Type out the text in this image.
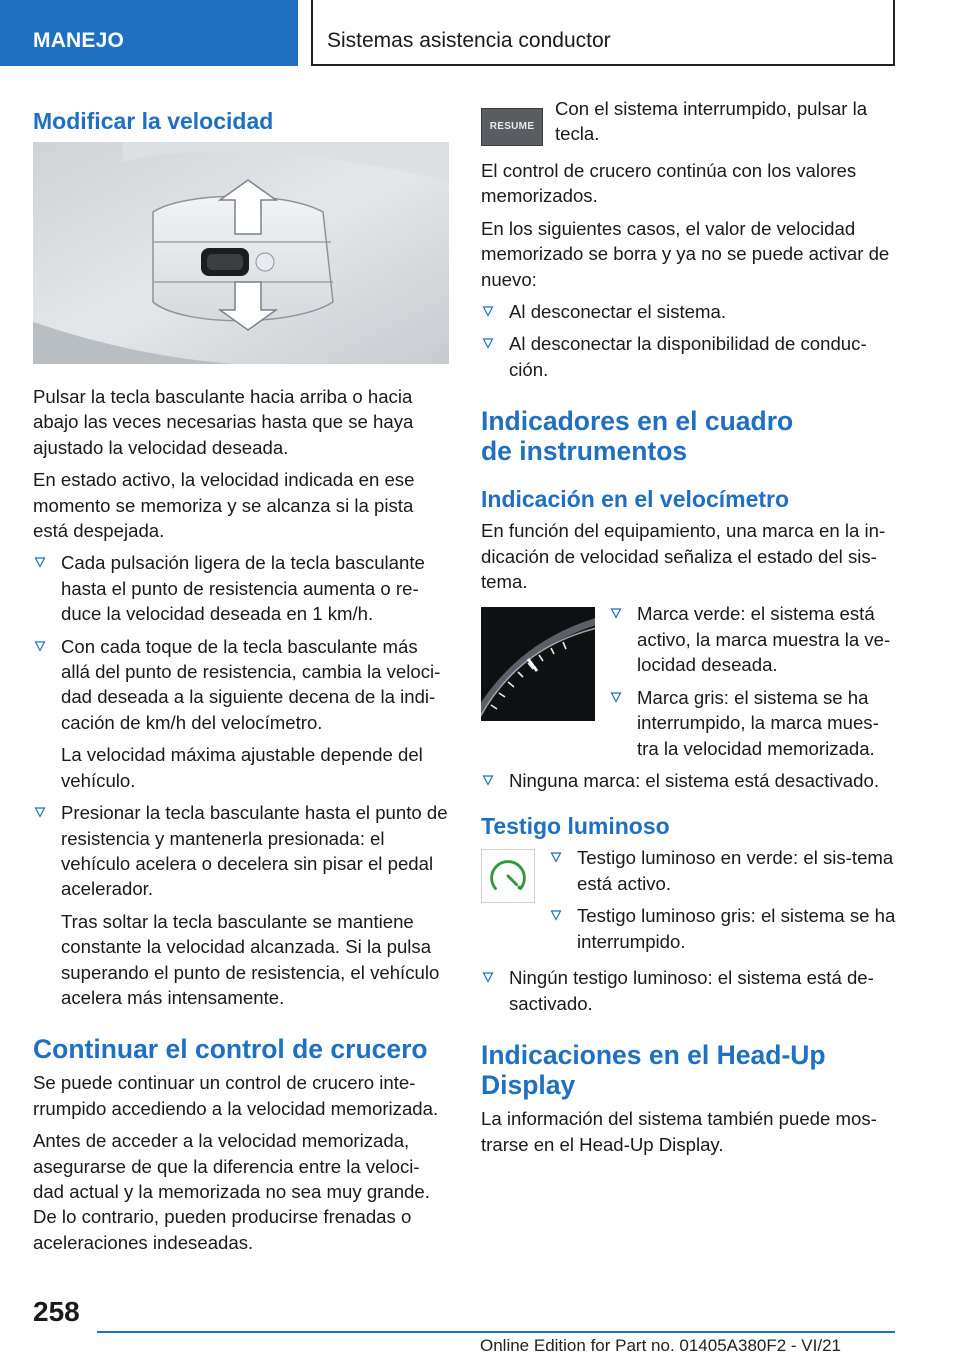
MANEJO	Sistemas asistencia conductor
Modificar la velocidad

Pulsar la tecla basculante hacia arriba o hacia abajo las veces necesarias hasta que se haya ajustado la velocidad deseada.

En estado activo, la velocidad indicada en ese momento se memoriza y se alcanza si la pista está despejada.

Cada pulsación ligera de la tecla basculante hasta el punto de resistencia aumenta o re‐duce la velocidad deseada en 1 km/h.
Con cada toque de la tecla basculante más allá del punto de resistencia, cambia la veloci‐dad deseada a la siguiente decena de la indi‐cación de km/h del velocímetro.

La velocidad máxima ajustable depende del vehículo.

Presionar la tecla basculante hasta el punto de resistencia y mantenerla presionada: el vehículo acelera o decelera sin pisar el pedal acelerador.

Tras soltar la tecla basculante se mantiene constante la velocidad alcanzada. Si la pulsa superando el punto de resistencia, el vehículo acelera más intensamente.

Continuar el control de crucero

Se puede continuar un control de crucero inte‐rrumpido accediendo a la velocidad memorizada.

Antes de acceder a la velocidad memorizada, asegurarse de que la diferencia entre la veloci‐dad actual y la memorizada no sea muy grande. De lo contrario, pueden producirse frenadas o aceleraciones indeseadas.

RESUME

Con el sistema interrumpido, pulsar la tecla.

El control de crucero continúa con los valores memorizados.

En los siguientes casos, el valor de velocidad memorizado se borra y ya no se puede activar de nuevo:

Al desconectar el sistema.
Al desconectar la disponibilidad de conduc‐ción.
Indicadores en el cuadro
de instrumentos
Indicación en el velocímetro

En función del equipamiento, una marca en la in‐dicación de velocidad señaliza el estado del sis‐tema.

Marca verde: el sistema está activo, la marca muestra la ve‐locidad deseada.
Marca gris: el sistema se ha interrumpido, la marca mues‐tra la velocidad memorizada.
Ninguna marca: el sistema está desactivado.
Testigo luminoso
Testigo luminoso en verde: el sis‐tema está activo.
Testigo luminoso gris: el sistema se ha interrumpido.
Ningún testigo luminoso: el sistema está de‐sactivado.
Indicaciones en el Head-Up
Display

La información del sistema también puede mos‐trarse en el Head-Up Display.

258
Online Edition for Part no. 01405A380F2 - VI/21
